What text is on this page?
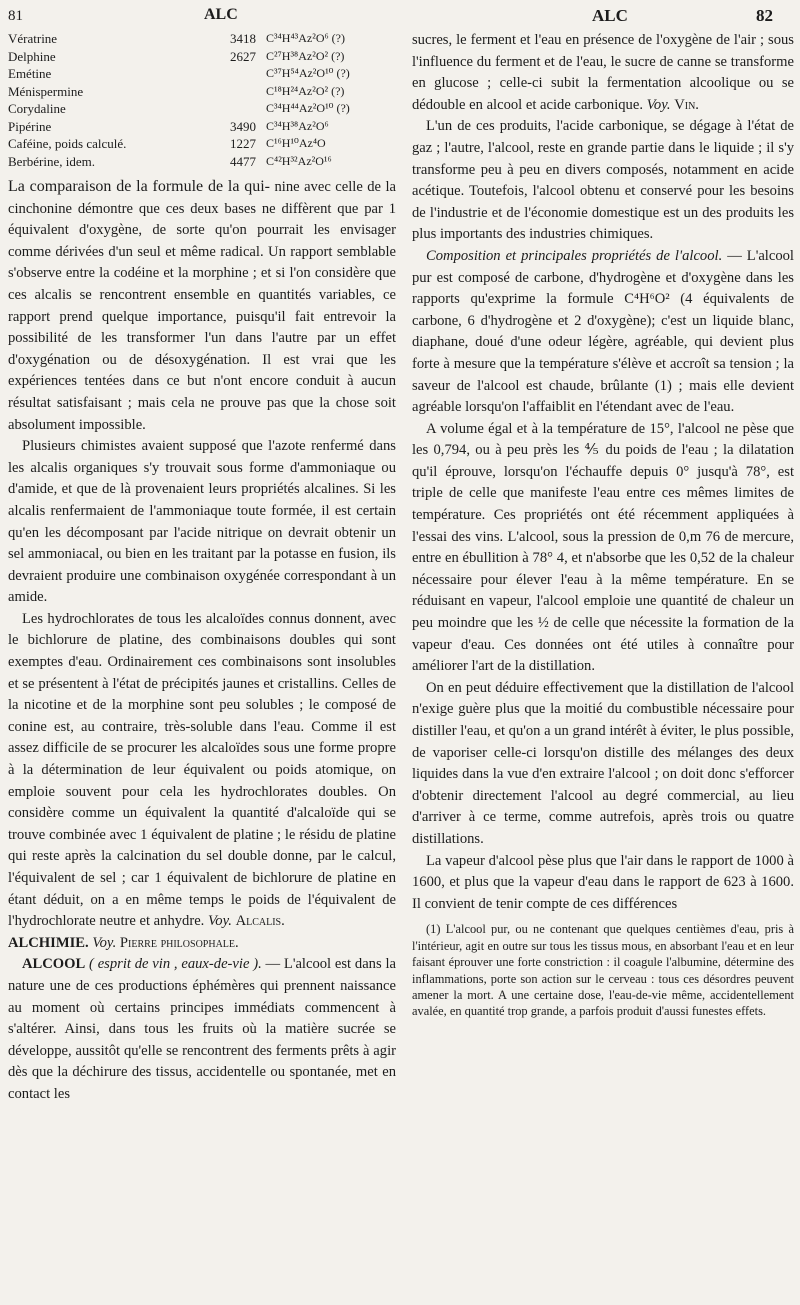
81	ALC	ALC	82
Vératrine	3418	C³⁴H⁴³Az²O⁶ (?)
Delphine	2627	C²⁷H³⁸Az²O² (?)
Emétine		C³⁷H⁵⁴Az²O¹⁰ (?)
Ménispermine		C¹⁸H²⁴Az²O² (?)
Corydaline		C³⁴H⁴⁴Az²O¹⁰ (?)
Pipérine	3490	C³⁴H³⁸Az²O⁶
Caféine, poids calculé.	1227	C¹⁶H¹⁰Az⁴O
Berbérine, idem.	4477	C⁴²H³²Az²O¹⁶

La comparaison de la formule de la qui- nine avec celle de la cinchonine démontre que ces deux bases ne diffèrent que par 1 équivalent d'oxygène, de sorte qu'on pourrait les envisager comme dérivées d'un seul et même radical. Un rapport semblable s'observe entre la codéine et la morphine ; et si l'on considère que ces alcalis se rencontrent ensemble en quantités variables, ce rapport prend quelque importance, puisqu'il fait entrevoir la possibilité de les transformer l'un dans l'autre par un effet d'oxygénation ou de désoxygénation. Il est vrai que les expériences tentées dans ce but n'ont encore conduit à aucun résultat satisfaisant ; mais cela ne prouve pas que la chose soit absolument impossible.

Plusieurs chimistes avaient supposé que l'azote renfermé dans les alcalis organiques s'y trouvait sous forme d'ammoniaque ou d'amide, et que de là provenaient leurs propriétés alcalines. Si les alcalis renfermaient de l'ammoniaque toute formée, il est certain qu'en les décomposant par l'acide nitrique on devrait obtenir un sel ammoniacal, ou bien en les traitant par la potasse en fusion, ils devraient produire une combinaison oxygénée correspondant à un amide.

Les hydrochlorates de tous les alcaloïdes connus donnent, avec le bichlorure de platine, des combinaisons doubles qui sont exemptes d'eau. Ordinairement ces combinaisons sont insolubles et se présentent à l'état de précipités jaunes et cristallins. Celles de la nicotine et de la morphine sont peu solubles ; le composé de conine est, au contraire, très-soluble dans l'eau. Comme il est assez difficile de se procurer les alcaloïdes sous une forme propre à la détermination de leur équivalent ou poids atomique, on emploie souvent pour cela les hydrochlorates doubles. On considère comme un équivalent la quantité d'alcaloïde qui se trouve combinée avec 1 équivalent de platine ; le résidu de platine qui reste après la calcination du sel double donne, par le calcul, l'équivalent de sel ; car 1 équivalent de bichlorure de platine en étant déduit, on a en même temps le poids de l'équivalent de l'hydrochlorate neutre et anhydre. Voy. Alcalis.

ALCHIMIE. Voy. Pierre philosophale.

ALCOOL ( esprit de vin , eaux-de-vie ). — L'alcool est dans la nature une de ces productions éphémères qui prennent naissance au moment où certains principes immédiats commencent à s'altérer. Ainsi, dans tous les fruits où la matière sucrée se développe, aussitôt qu'elle se rencontrent des ferments prêts à agir dès que la déchirure des tissus, accidentelle ou spontanée, met en contact les

sucres, le ferment et l'eau en présence de l'oxygène de l'air ; sous l'influence du ferment et de l'eau, le sucre de canne se transforme en glucose ; celle-ci subit la fermentation alcoolique ou se dédouble en alcool et acide carbonique. Voy. Vin.

L'un de ces produits, l'acide carbonique, se dégage à l'état de gaz ; l'autre, l'alcool, reste en grande partie dans le liquide ; il s'y transforme peu à peu en divers composés, notamment en acide acétique. Toutefois, l'alcool obtenu et conservé pour les besoins de l'industrie et de l'économie domestique est un des produits les plus importants des industries chimiques.

Composition et principales propriétés de l'alcool. — L'alcool pur est composé de carbone, d'hydrogène et d'oxygène dans les rapports qu'exprime la formule C⁴H⁶O² (4 équivalents de carbone, 6 d'hydrogène et 2 d'oxygène); c'est un liquide blanc, diaphane, doué d'une odeur légère, agréable, qui devient plus forte à mesure que la température s'élève et accroît sa tension ; la saveur de l'alcool est chaude, brûlante (1) ; mais elle devient agréable lorsqu'on l'affaiblit en l'étendant avec de l'eau.

A volume égal et à la température de 15°, l'alcool ne pèse que les 0,794, ou à peu près les ⅘ du poids de l'eau ; la dilatation qu'il éprouve, lorsqu'on l'échauffe depuis 0° jusqu'à 78°, est triple de celle que manifeste l'eau entre ces mêmes limites de température. Ces propriétés ont été récemment appliquées à l'essai des vins. L'alcool, sous la pression de 0,m 76 de mercure, entre en ébullition à 78° 4, et n'absorbe que les 0,52 de la chaleur nécessaire pour élever l'eau à la même température. En se réduisant en vapeur, l'alcool emploie une quantité de chaleur un peu moindre que les ½ de celle que nécessite la formation de la vapeur d'eau. Ces données ont été utiles à connaître pour améliorer l'art de la distillation.

On en peut déduire effectivement que la distillation de l'alcool n'exige guère plus que la moitié du combustible nécessaire pour distiller l'eau, et qu'on a un grand intérêt à éviter, le plus possible, de vaporiser celle-ci lorsqu'on distille des mélanges des deux liquides dans la vue d'en extraire l'alcool ; on doit donc s'efforcer d'obtenir directement l'alcool au degré commercial, au lieu d'arriver à ce terme, comme autrefois, après trois ou quatre distillations.

La vapeur d'alcool pèse plus que l'air dans le rapport de 1000 à 1600, et plus que la vapeur d'eau dans le rapport de 623 à 1600. Il convient de tenir compte de ces différences

(1) L'alcool pur, ou ne contenant que quelques centièmes d'eau, pris à l'intérieur, agit en outre sur tous les tissus mous, en absorbant l'eau et en leur faisant éprouver une forte constriction : il coagule l'albumine, détermine des inflammations, porte son action sur le cerveau : tous ces désordres peuvent amener la mort. A une certaine dose, l'eau-de-vie même, accidentellement avalée, en quantité trop grande, a parfois produit d'aussi funestes effets.
